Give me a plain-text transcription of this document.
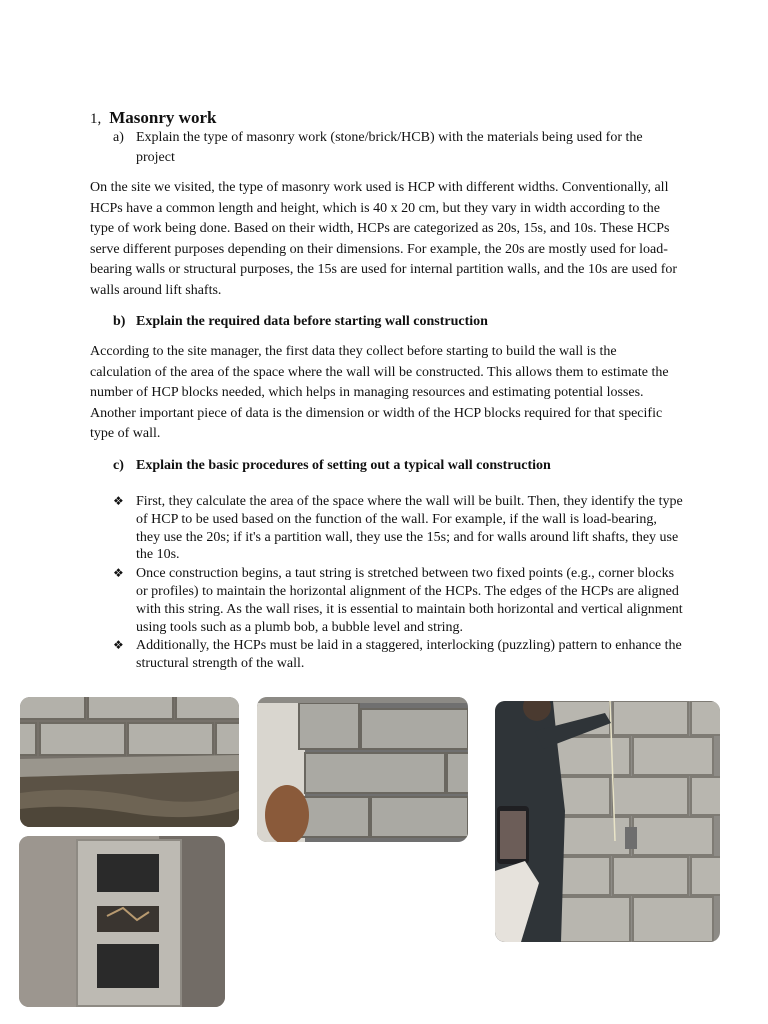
1, Masonry work
a) Explain the type of masonry work (stone/brick/HCB) with the materials being used for the project

On the site we visited, the type of masonry work used is HCP with different widths. Conventionally, all HCPs have a common length and height, which is 40 x 20 cm, but they vary in width according to the type of work being done. Based on their width, HCPs are categorized as 20s, 15s, and 10s. These HCPs serve different purposes depending on their dimensions. For example, the 20s are mostly used for load-bearing walls or structural purposes, the 15s are used for internal partition walls, and the 10s are used for walls around lift shafts.

b) Explain the required data before starting wall construction

According to the site manager, the first data they collect before starting to build the wall is the calculation of the area of the space where the wall will be constructed. This allows them to estimate the number of HCP blocks needed, which helps in managing resources and estimating potential losses. Another important piece of data is the dimension or width of the HCP blocks required for that specific type of wall.

c) Explain the basic procedures of setting out a typical wall construction
❖ First, they calculate the area of the space where the wall will be built. Then, they identify the type of HCP to be used based on the function of the wall. For example, if the wall is load-bearing, they use the 20s; if it's a partition wall, they use the 15s; and for walls around lift shafts, they use the 10s.
❖ Once construction begins, a taut string is stretched between two fixed points (e.g., corner blocks or profiles) to maintain the horizontal alignment of the HCPs. The edges of the HCPs are aligned with this string. As the wall rises, it is essential to maintain both horizontal and vertical alignment using tools such as a plumb bob, a bubble level and string.
❖ Additionally, the HCPs must be laid in a staggered, interlocking (puzzling) pattern to enhance the structural strength of the wall.
